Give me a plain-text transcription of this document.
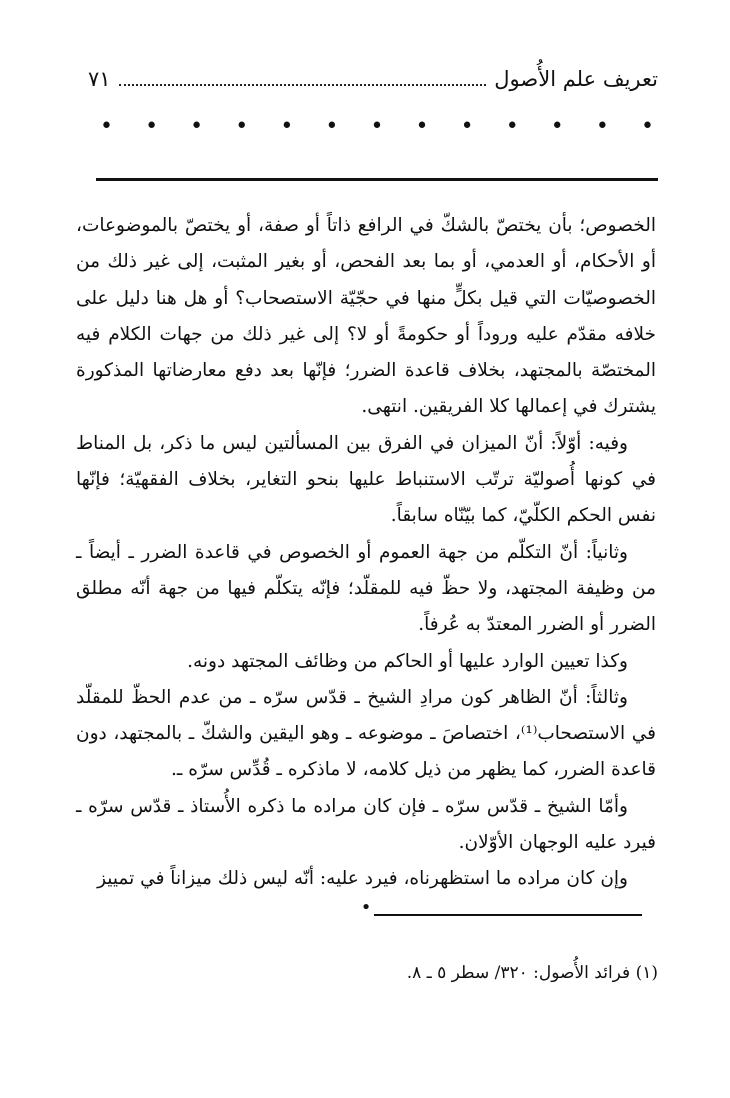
تعريف علم الأُصول
٧١
• • • • • • • • • • • • •

الخصوص؛ بأن يختصّ بالشكّ في الرافع ذاتاً أو صفة، أو يختصّ بالموضوعات، أو الأحكام، أو العدمي، أو بما بعد الفحص، أو بغير المثبت، إلى غير ذلك من الخصوصيّات التي قيل بكلٍّ منها في حجّيّة الاستصحاب؟ أو هل هنا دليل على خلافه مقدّم عليه وروداً أو حكومةً أو لا؟ إلى غير ذلك من جهات الكلام فيه المختصّة بالمجتهد، بخلاف قاعدة الضرر؛ فإنّها بعد دفع معارضاتها المذكورة يشترك في إعمالها كلا الفريقين. انتهى.

وفيه: أوّلاً: أنّ الميزان في الفرق بين المسألتين ليس ما ذكر، بل المناط في كونها أُصوليّة ترتّب الاستنباط عليها بنحو التغاير، بخلاف الفقهيّة؛ فإنّها نفس الحكم الكلّيّ، كما بيّنّاه سابقاً.

وثانياً: أنّ التكلّم من جهة العموم أو الخصوص في قاعدة الضرر ـ أيضاً ـ من وظيفة المجتهد، ولا حظّ فيه للمقلّد؛ فإنّه يتكلّم فيها من جهة أنّه مطلق الضرر أو الضرر المعتدّ به عُرفاً.

وكذا تعيين الوارد عليها أو الحاكم من وظائف المجتهد دونه.

وثالثاً: أنّ الظاهر كون مرادِ الشيخ ـ قدّس سرّه ـ من عدم الحظّ للمقلّد في الاستصحاب⁽¹⁾، اختصاصَ ـ موضوعه ـ وهو اليقين والشكّ ـ بالمجتهد، دون قاعدة الضرر، كما يظهر من ذيل كلامه، لا ماذكره ـ قُدِّس سرّه ـ.

وأمّا الشيخ ـ قدّس سرّه ـ فإن كان مراده ما ذكره الأُستاذ ـ قدّس سرّه ـ فيرد عليه الوجهان الأوّلان.

وإن كان مراده ما استظهرناه، فيرد عليه: أنّه ليس ذلك ميزاناً في تمييز

•
(١) فرائد الأُصول: ٣٢٠/ سطر ٥ ـ ٨.
